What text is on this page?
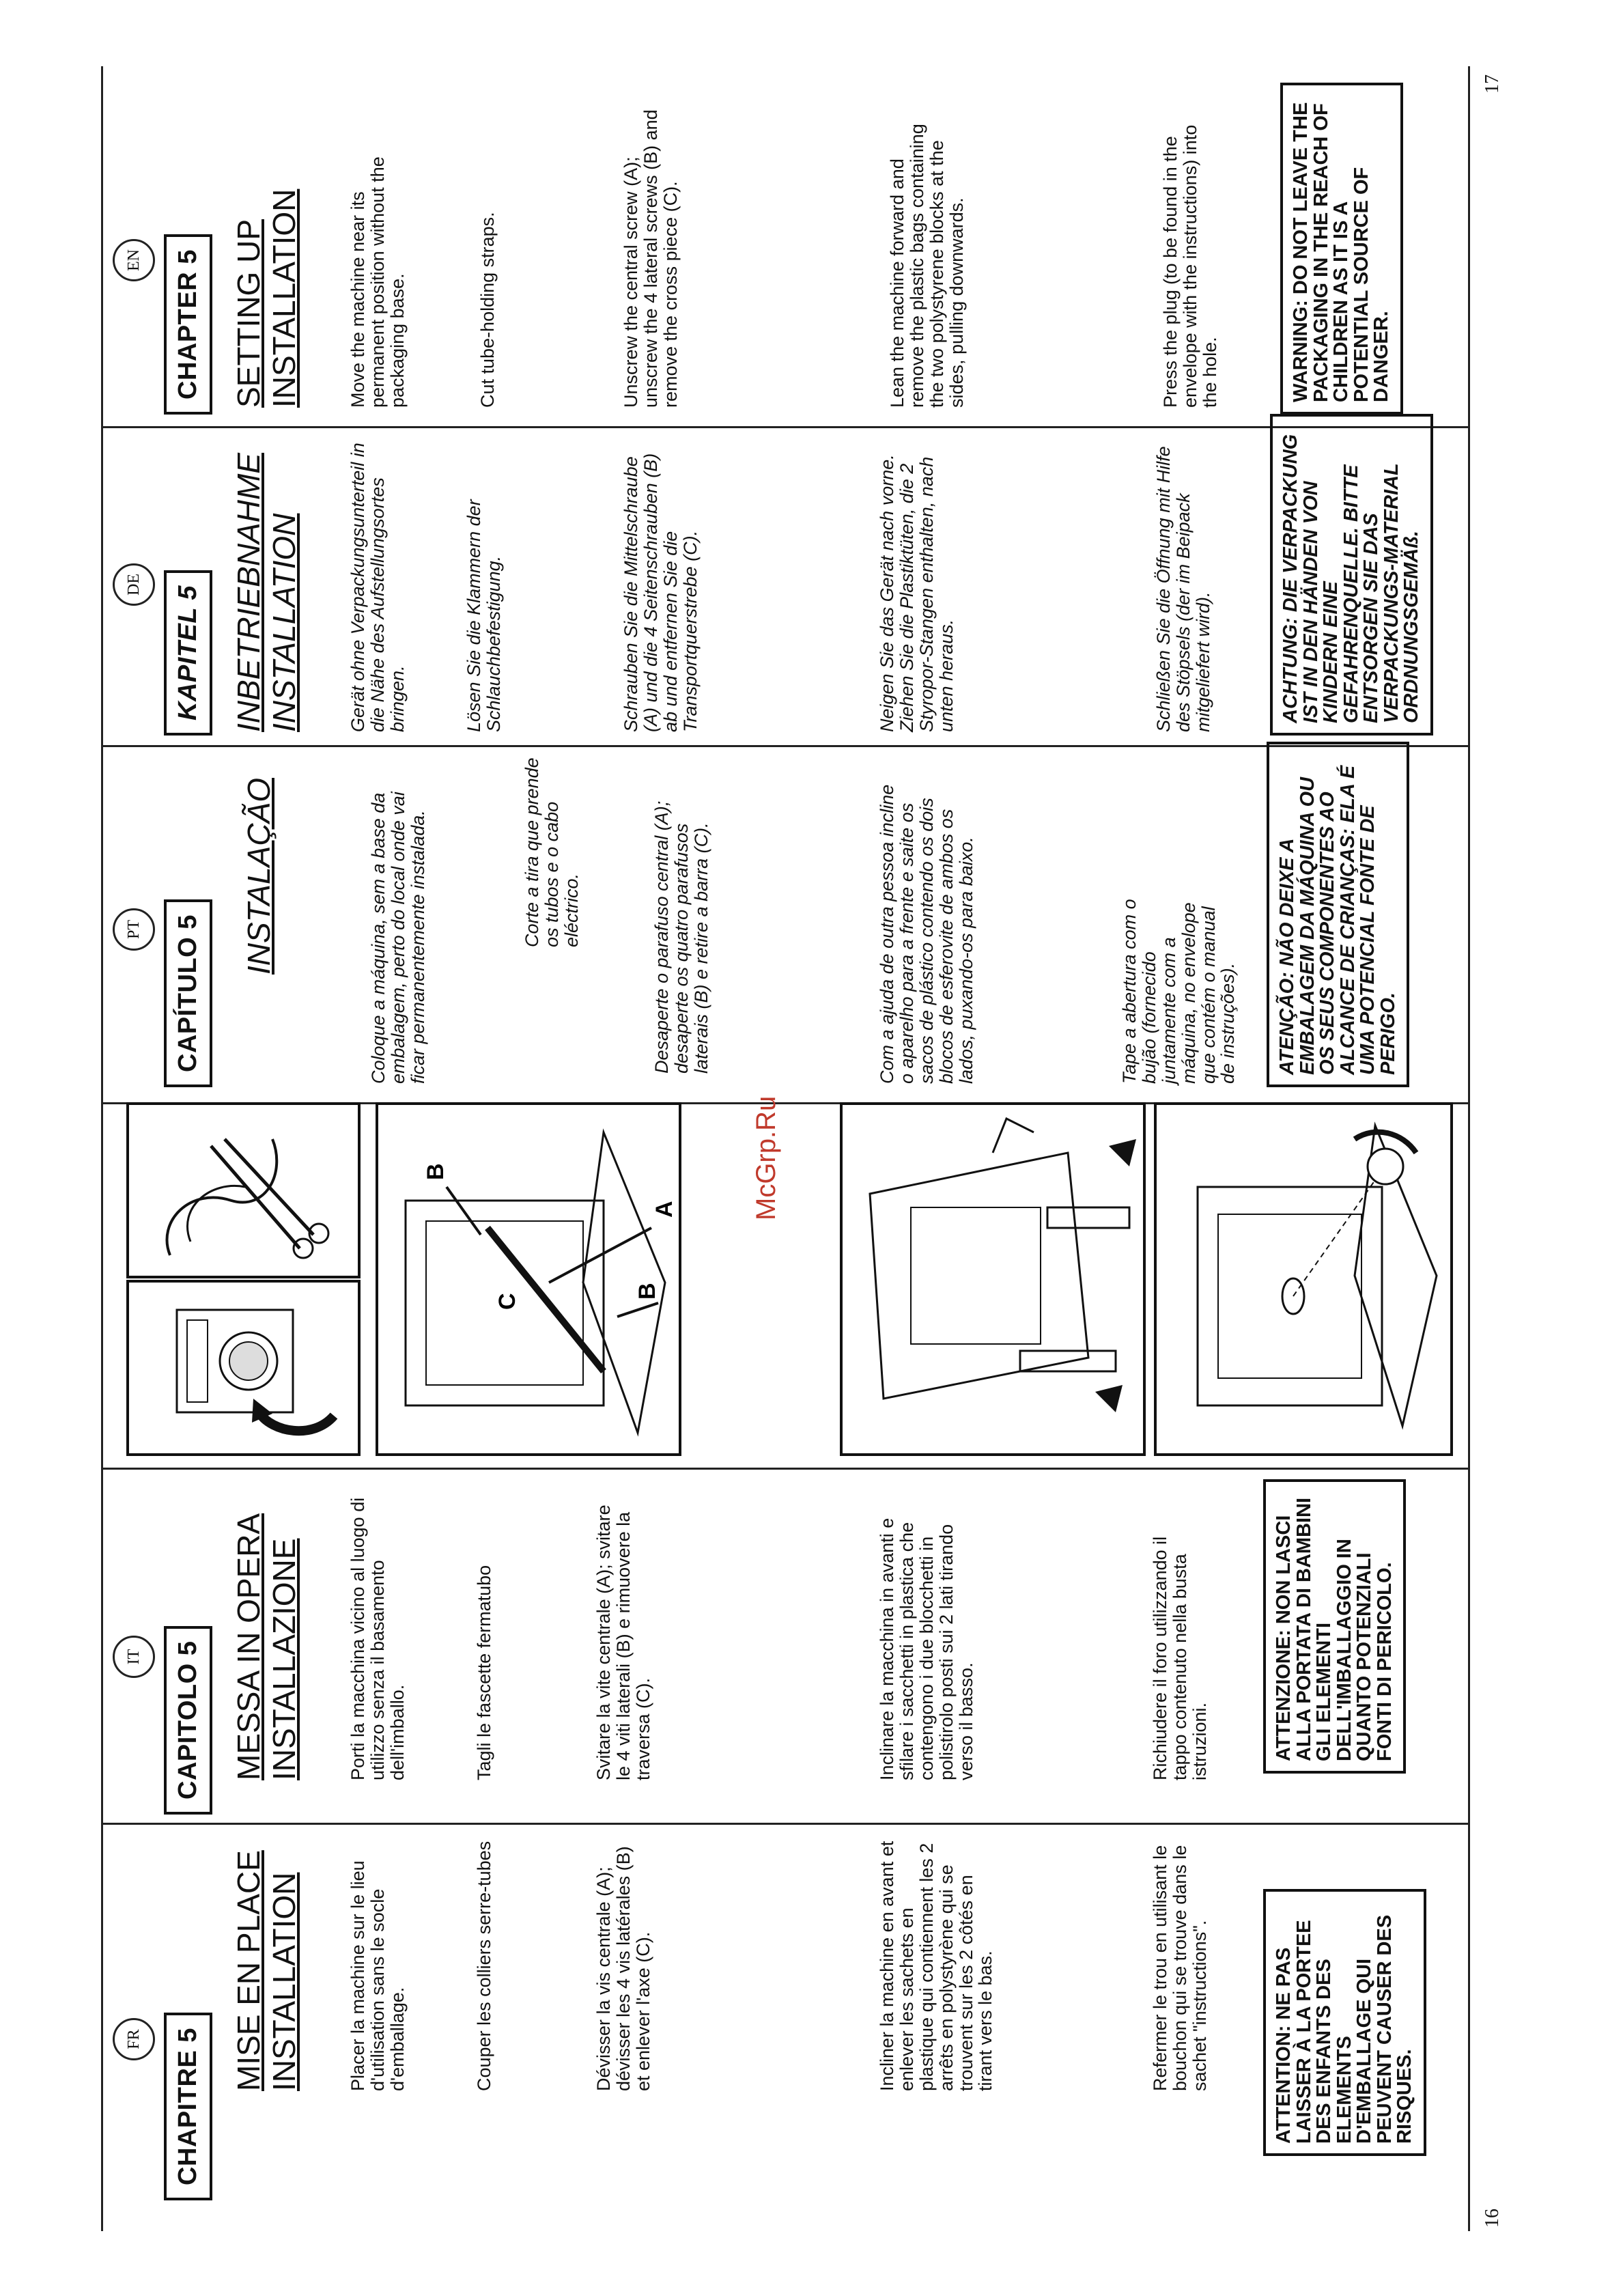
16
17
FR	CHAPITRE 5
MISE EN PLACE INSTALLATION Placer la machine sur le lieu d'utilisation sans le socle d'emballage.	Couper les colliers serre-tubes	Dévisser la vis centrale (A); dévisser les 4 vis latérales (B) et enlever l'axe (C).	Incliner la machine en avant et enlever les sachets en plastique qui contiennent les 2 arrêts en polystyrène qui se trouvent sur les 2 côtés en tirant vers le bas.	Refermer le trou en utilisant le bouchon qui se trouve dans le sachet "instructions".	ATTENTION: NE PAS LAISSER À LA PORTEE DES ENFANTS DES ELEMENTS D'EMBALLAGE QUI PEUVENT CAUSER DES RISQUES.
IT	CAPITOLO 5 MESSA IN OPERA INSTALLAZIONE Porti la macchina vicino al luogo di utilizzo senza il basamento dell'imballo.	Tagli le fascette fermatubo	Svitare la vite centrale (A); svitare le 4 viti laterali (B) e rimuovere la traversa (C).	Inclinare la macchina in avanti e sfilare i sacchetti in plastica che contengono i due blocchetti in polistirolo posti sui 2 lati tirando verso il basso.	Richiudere il foro utilizzando il tappo contenuto nella busta istruzioni.	ATTENZIONE: NON LASCI ALLA PORTATA DI BAMBINI GLI ELEMENTI DELL'IMBALLAGGIO IN QUANTO POTENZIALI FONTI DI PERICOLO.
A
B
B
C
McGrp.Ru
PT	CAPÍTULO 5
INSTALAÇÃO	Coloque a máquina, sem a base da embalagem, perto do local onde vai ficar permanentemente instalada.	Corte a tira que prende os tubos e o cabo eléctrico.	Desaperte o parafuso central (A); desaperte os quatro parafusos laterais (B) e retire a barra (C).	Com a ajuda de outra pessoa incline o aparelho para a frente e saite os sacos de plástico contendo os dois blocos de esferovite de ambos os lados, puxando-os para baixo.	Tape a abertura com o bujão (fornecido juntamente com a máquina, no envelope que contém o manual de instruções).	ATENÇÃO: NÃO DEIXE A EMBALAGEM DA MÁQUINA OU OS SEUS COMPONENTES AO ALCANCE DE CRIANÇAS: ELA É UMA POTENCIAL FONTE DE PERIGO.
DE
KAPITEL 5 INBETRIEBNAHME INSTALLATION Gerät ohne Verpackungsunterteil in die Nähe des Aufstellungsortes bringen.	Lösen Sie die Klammern der Schlauchbefestigung.	Schrauben Sie die Mittelschraube (A) und die 4 Seitenschrauben (B) ab und entfernen Sie die Transportquerstrebe (C).	Neigen Sie das Gerät nach vorne. Ziehen Sie die Plastiktüten, die 2 Styropor-Stangen enthalten, nach unten heraus.	Schließen Sie die Öffnung mit Hilfe des Stöpsels (der im Beipack mitgeliefert wird).	ACHTUNG: DIE VERPACKUNG IST IN DEN HÄNDEN VON KINDERN EINE GEFAHRENQUELLE. BITTE ENTSORGEN SIE DAS VERPACKUNGS-MATERIAL ORDNUNGSGEMÄß.
EN	CHAPTER 5 SETTING UP INSTALLATION Move the machine near its permanent position without the packaging base.	Cut tube-holding straps.	Unscrew the central screw (A); unscrew the 4 lateral screws (B) and remove the cross piece (C).	Lean the machine forward and remove the plastic bags containing the two polystyrene blocks at the sides, pulling downwards.	Press the plug (to be found in the envelope with the instructions) into the hole.	WARNING: DO NOT LEAVE THE PACKAGING IN THE REACH OF CHILDREN AS IT IS A POTENTIAL SOURCE OF DANGER.
